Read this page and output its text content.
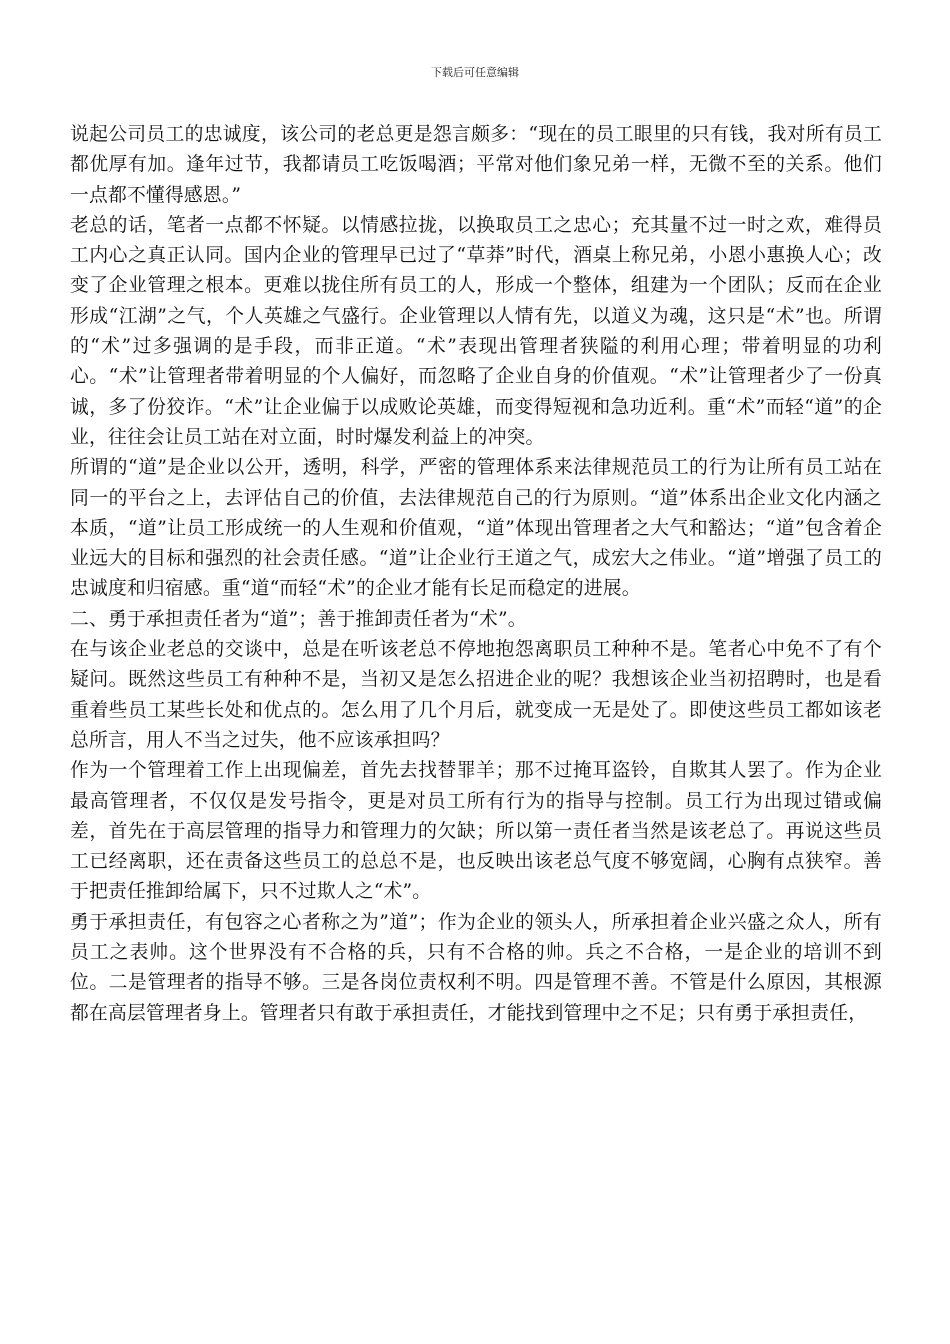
下载后可任意编辑

说起公司员工的忠诚度，该公司的老总更是怨言颇多：“现在的员工眼里的只有钱，我对所有员工都优厚有加。逢年过节，我都请员工吃饭喝酒；平常对他们象兄弟一样，无微不至的关系。他们一点都不懂得感恩。”

老总的话，笔者一点都不怀疑。以情感拉拢，以换取员工之忠心；充其量不过一时之欢，难得员工内心之真正认同。国内企业的管理早已过了“草莽”时代，酒桌上称兄弟，小恩小惠换人心；改变了企业管理之根本。更难以拢住所有员工的人，形成一个整体，组建为一个团队；反而在企业形成“江湖”之气，个人英雄之气盛行。企业管理以人情有先，以道义为魂，这只是“术”也。所谓的“术”过多强调的是手段，而非正道。“术”表现出管理者狭隘的利用心理；带着明显的功利心。“术”让管理者带着明显的个人偏好，而忽略了企业自身的价值观。“术”让管理者少了一份真诚，多了份狡诈。“术”让企业偏于以成败论英雄，而变得短视和急功近利。重“术”而轻“道”的企业，往往会让员工站在对立面，时时爆发利益上的冲突。

所谓的“道”是企业以公开，透明，科学，严密的管理体系来法律规范员工的行为让所有员工站在同一的平台之上，去评估自己的价值，去法律规范自己的行为原则。“道”体系出企业文化内涵之本质，“道”让员工形成统一的人生观和价值观，“道”体现出管理者之大气和豁达；“道”包含着企业远大的目标和强烈的社会责任感。“道”让企业行王道之气，成宏大之伟业。“道”增强了员工的忠诚度和归宿感。重“道“而轻“术”的企业才能有长足而稳定的进展。

二、勇于承担责任者为“道”；善于推卸责任者为“术”。

在与该企业老总的交谈中，总是在听该老总不停地抱怨离职员工种种不是。笔者心中免不了有个疑问。既然这些员工有种种不是，当初又是怎么招进企业的呢？我想该企业当初招聘时，也是看重着些员工某些长处和优点的。怎么用了几个月后，就变成一无是处了。即使这些员工都如该老总所言，用人不当之过失，他不应该承担吗？

作为一个管理着工作上出现偏差，首先去找替罪羊；那不过掩耳盗铃，自欺其人罢了。作为企业最高管理者，不仅仅是发号指令，更是对员工所有行为的指导与控制。员工行为出现过错或偏差，首先在于高层管理的指导力和管理力的欠缺；所以第一责任者当然是该老总了。再说这些员工已经离职，还在责备这些员工的总总不是，也反映出该老总气度不够宽阔，心胸有点狭窄。善于把责任推卸给属下，只不过欺人之“术”。

勇于承担责任，有包容之心者称之为”道”；作为企业的领头人，所承担着企业兴盛之众人，所有员工之表帅。这个世界没有不合格的兵，只有不合格的帅。兵之不合格，一是企业的培训不到位。二是管理者的指导不够。三是各岗位责权利不明。四是管理不善。不管是什么原因，其根源都在高层管理者身上。管理者只有敢于承担责任，才能找到管理中之不足；只有勇于承担责任，
